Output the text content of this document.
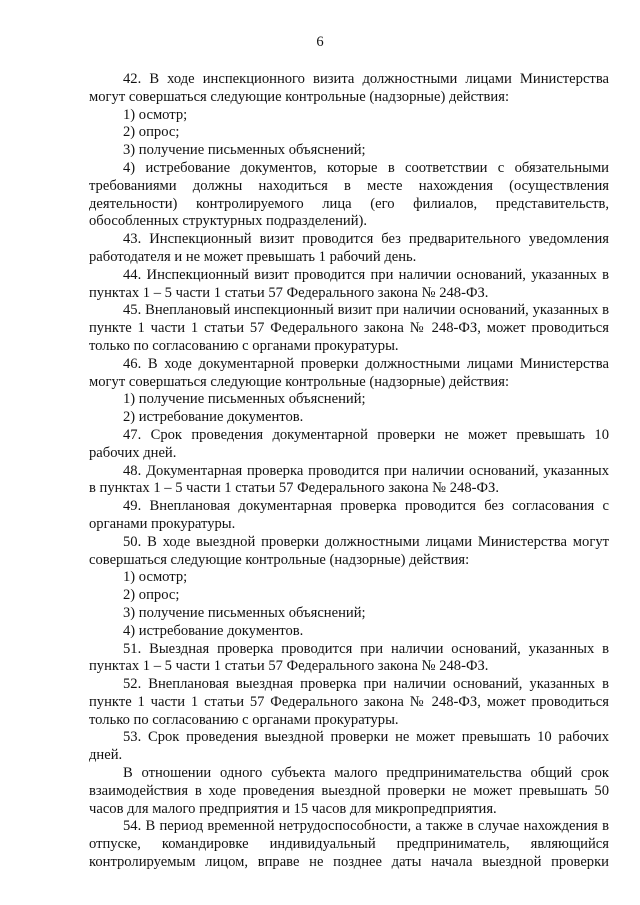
6

42. В ходе инспекционного визита должностными лицами Министерства могут совершаться следующие контрольные (надзорные) действия:

1) осмотр;

2) опрос;

3) получение письменных объяснений;

4) истребование документов, которые в соответствии с обязательными требованиями должны находиться в месте нахождения (осуществления деятельности) контролируемого лица (его филиалов, представительств, обособленных структурных подразделений).

43. Инспекционный визит проводится без предварительного уведомления работодателя и не может превышать 1 рабочий день.

44. Инспекционный визит проводится при наличии оснований, указанных в пунктах 1 – 5 части 1 статьи 57 Федерального закона № 248-ФЗ.

45. Внеплановый инспекционный визит при наличии оснований, указанных в пункте 1 части 1 статьи 57 Федерального закона № 248-ФЗ, может проводиться только по согласованию с органами прокуратуры.

46. В ходе документарной проверки должностными лицами Министерства могут совершаться следующие контрольные (надзорные) действия:

1) получение письменных объяснений;

2) истребование документов.

47. Срок проведения документарной проверки не может превышать 10 рабочих дней.

48. Документарная проверка проводится при наличии оснований, указанных в пунктах 1 – 5 части 1 статьи 57 Федерального закона № 248-ФЗ.

49. Внеплановая документарная проверка проводится без согласования с органами прокуратуры.

50. В ходе выездной проверки должностными лицами Министерства могут совершаться следующие контрольные (надзорные) действия:

1) осмотр;

2) опрос;

3) получение письменных объяснений;

4) истребование документов.

51. Выездная проверка проводится при наличии оснований, указанных в пунктах 1 – 5 части 1 статьи 57 Федерального закона № 248-ФЗ.

52. Внеплановая выездная проверка при наличии оснований, указанных в пункте 1 части 1 статьи 57 Федерального закона № 248-ФЗ, может проводиться только по согласованию с органами прокуратуры.

53. Срок проведения выездной проверки не может превышать 10 рабочих дней.

В отношении одного субъекта малого предпринимательства общий срок взаимодействия в ходе проведения выездной проверки не может превышать 50 часов для малого предприятия и 15 часов для микропредприятия.

54. В период временной нетрудоспособности, а также в случае нахождения в отпуске, командировке индивидуальный предприниматель, являющийся контролируемым лицом, вправе не позднее даты начала выездной проверки
